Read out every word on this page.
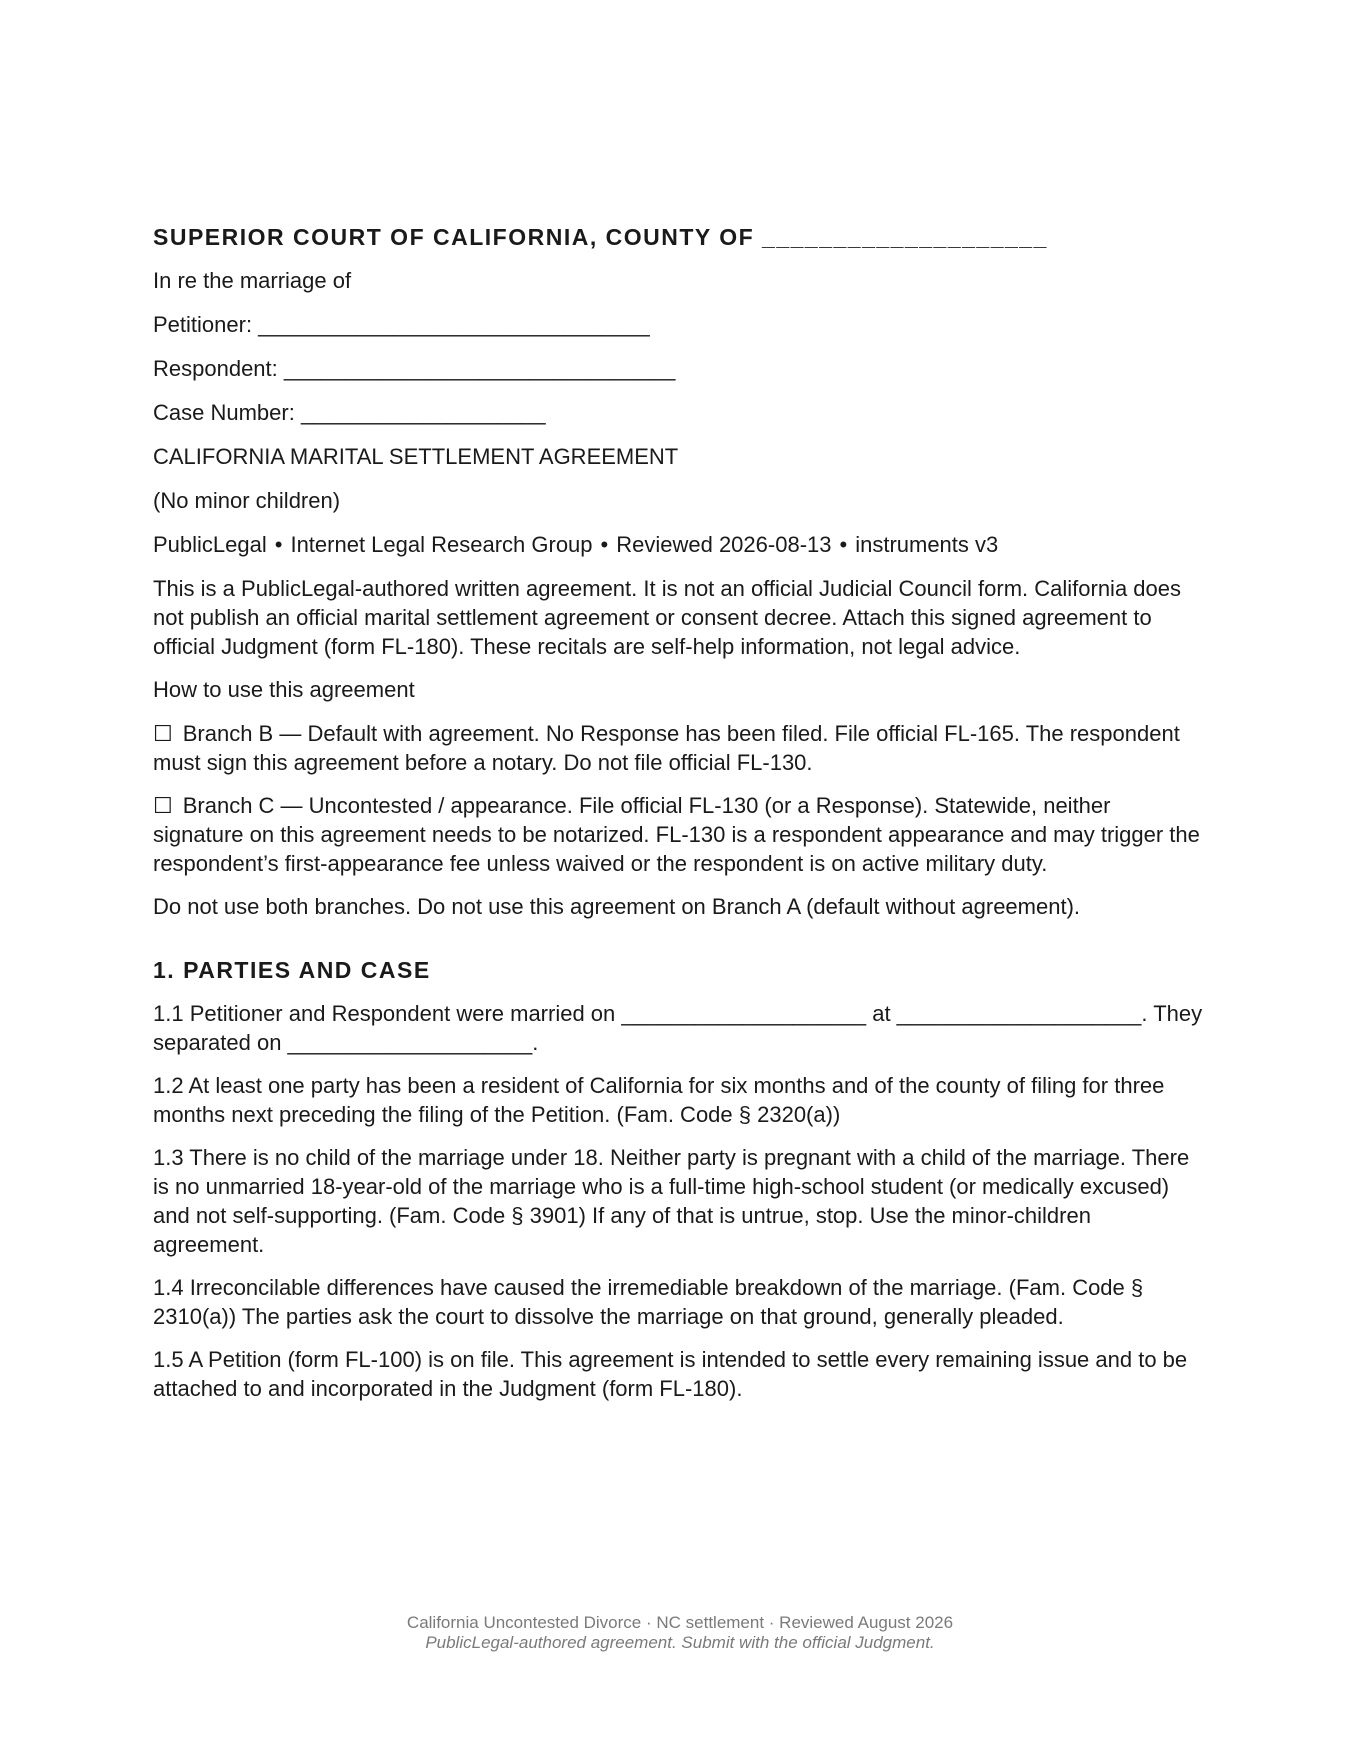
SUPERIOR COURT OF CALIFORNIA, COUNTY OF ____________________
In re the marriage of
Petitioner: ________________________________
Respondent: ________________________________
Case Number: ____________________
CALIFORNIA MARITAL SETTLEMENT AGREEMENT
(No minor children)
PublicLegal • Internet Legal Research Group • Reviewed 2026-08-13 • instruments v3
This is a PublicLegal-authored written agreement. It is not an official Judicial Council form. California does not publish an official marital settlement agreement or consent decree. Attach this signed agreement to official Judgment (form FL-180). These recitals are self-help information, not legal advice.
How to use this agreement
☐ Branch B — Default with agreement. No Response has been filed. File official FL-165. The respondent must sign this agreement before a notary. Do not file official FL-130.
☐ Branch C — Uncontested / appearance. File official FL-130 (or a Response). Statewide, neither signature on this agreement needs to be notarized. FL-130 is a respondent appearance and may trigger the respondent’s first-appearance fee unless waived or the respondent is on active military duty.
Do not use both branches. Do not use this agreement on Branch A (default without agreement).
1. PARTIES AND CASE
1.1 Petitioner and Respondent were married on ____________________ at ____________________. They separated on ____________________.
1.2 At least one party has been a resident of California for six months and of the county of filing for three months next preceding the filing of the Petition. (Fam. Code § 2320(a))
1.3 There is no child of the marriage under 18. Neither party is pregnant with a child of the marriage. There is no unmarried 18-year-old of the marriage who is a full-time high-school student (or medically excused) and not self-supporting. (Fam. Code § 3901) If any of that is untrue, stop. Use the minor-children agreement.
1.4 Irreconcilable differences have caused the irremediable breakdown of the marriage. (Fam. Code § 2310(a)) The parties ask the court to dissolve the marriage on that ground, generally pleaded.
1.5 A Petition (form FL-100) is on file. This agreement is intended to settle every remaining issue and to be attached to and incorporated in the Judgment (form FL-180).
California Uncontested Divorce · NC settlement · Reviewed August 2026
PublicLegal-authored agreement. Submit with the official Judgment.
